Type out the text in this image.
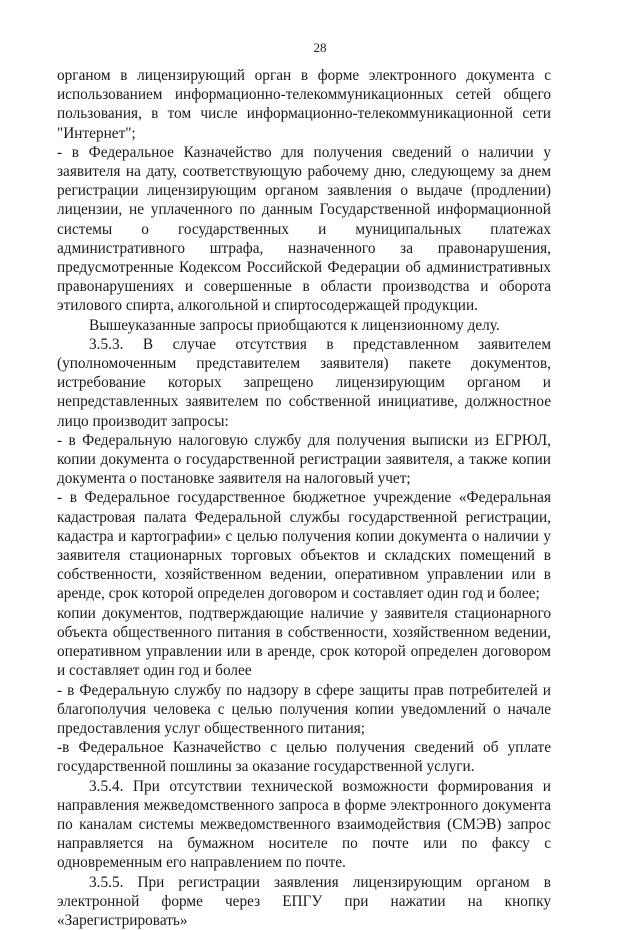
28

органом в лицензирующий орган в форме электронного документа с использованием информационно-телекоммуникационных сетей общего пользования, в том числе информационно-телекоммуникационной сети "Интернет";

- в Федеральное Казначейство для получения сведений о наличии у заявителя на дату, соответствующую рабочему дню, следующему за днем регистрации лицензирующим органом заявления о выдаче (продлении) лицензии, не уплаченного по данным Государственной информационной системы о государственных и муниципальных платежах административного штрафа, назначенного за правонарушения, предусмотренные Кодексом Российской Федерации об административных правонарушениях и совершенные в области производства и оборота этилового спирта, алкогольной и спиртосодержащей продукции.

Вышеуказанные запросы приобщаются к лицензионному делу.

3.5.3. В случае отсутствия в представленном заявителем (уполномоченным представителем заявителя) пакете документов, истребование которых запрещено лицензирующим органом и непредставленных заявителем по собственной инициативе, должностное лицо производит запросы:

- в Федеральную налоговую службу для получения выписки из ЕГРЮЛ, копии документа о государственной регистрации заявителя, а также копии документа о постановке заявителя на налоговый учет;

- в Федеральное государственное бюджетное учреждение «Федеральная кадастровая палата Федеральной службы государственной регистрации, кадастра и картографии» с целью получения копии документа о наличии у заявителя стационарных торговых объектов и складских помещений в собственности, хозяйственном ведении, оперативном управлении или в аренде, срок которой определен договором и составляет один год и более;

копии документов, подтверждающие наличие у заявителя стационарного объекта общественного питания в собственности, хозяйственном ведении, оперативном управлении или в аренде, срок которой определен договором и составляет один год и более

- в Федеральную службу по надзору в сфере защиты прав потребителей и благополучия человека с целью получения копии уведомлений о начале предоставления услуг общественного питания;

-в Федеральное Казначейство с целью получения сведений об уплате государственной пошлины за оказание государственной услуги.

3.5.4. При отсутствии технической возможности формирования и направления межведомственного запроса в форме электронного документа по каналам системы межведомственного взаимодействия (СМЭВ) запрос направляется на бумажном носителе по почте или по факсу с одновременным его направлением по почте.

3.5.5. При регистрации заявления лицензирующим органом в электронной форме через ЕПГУ при нажатии на кнопку «Зарегистрировать»
